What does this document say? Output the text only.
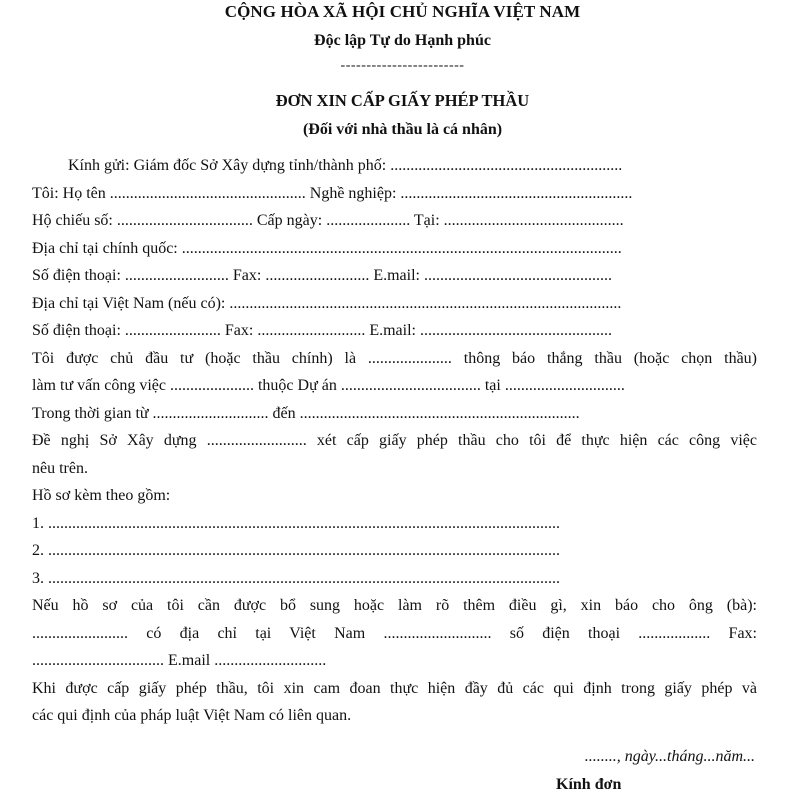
CỘNG HÒA XÃ HỘI CHỦ NGHĨA VIỆT NAM
Độc lập Tự do Hạnh phúc
------------------------
ĐƠN XIN CẤP GIẤY PHÉP THẦU
(Đối với nhà thầu là cá nhân)
Kính gửi: Giám đốc Sở Xây dựng tỉnh/thành phố: ..........................................................
Tôi: Họ tên ................................................. Nghề nghiệp: ..........................................................
Hộ chiếu số: .................................. Cấp ngày: ..................... Tại: .............................................
Địa chỉ tại chính quốc: ..............................................................................................................
Số điện thoại: .......................... Fax: .......................... E.mail: ...............................................
Địa chỉ tại Việt Nam (nếu có): ..................................................................................................
Số điện thoại: ........................ Fax: ........................... E.mail: ................................................
Tôi được chủ đầu tư (hoặc thầu chính) là ..................... thông báo thắng thầu (hoặc chọn thầu)
làm tư vấn công việc ..................... thuộc Dự án ................................... tại ..............................
Trong thời gian từ ............................. đến ......................................................................
Đề nghị Sở Xây dựng ......................... xét cấp giấy phép thầu cho tôi để thực hiện các công việc
nêu trên.
Hồ sơ kèm theo gồm:
1. ................................................................................................................................
2. ................................................................................................................................
3. ................................................................................................................................
Nếu hồ sơ của tôi cần được bổ sung hoặc làm rõ thêm điều gì, xin báo cho ông (bà):
........................ có địa chỉ tại Việt Nam ........................... số điện thoại .................. Fax:
................................. E.mail ............................
Khi được cấp giấy phép thầu, tôi xin cam đoan thực hiện đầy đủ các qui định trong giấy phép và
các qui định của pháp luật Việt Nam có liên quan.
........, ngày...tháng...năm...
Kính đơn
